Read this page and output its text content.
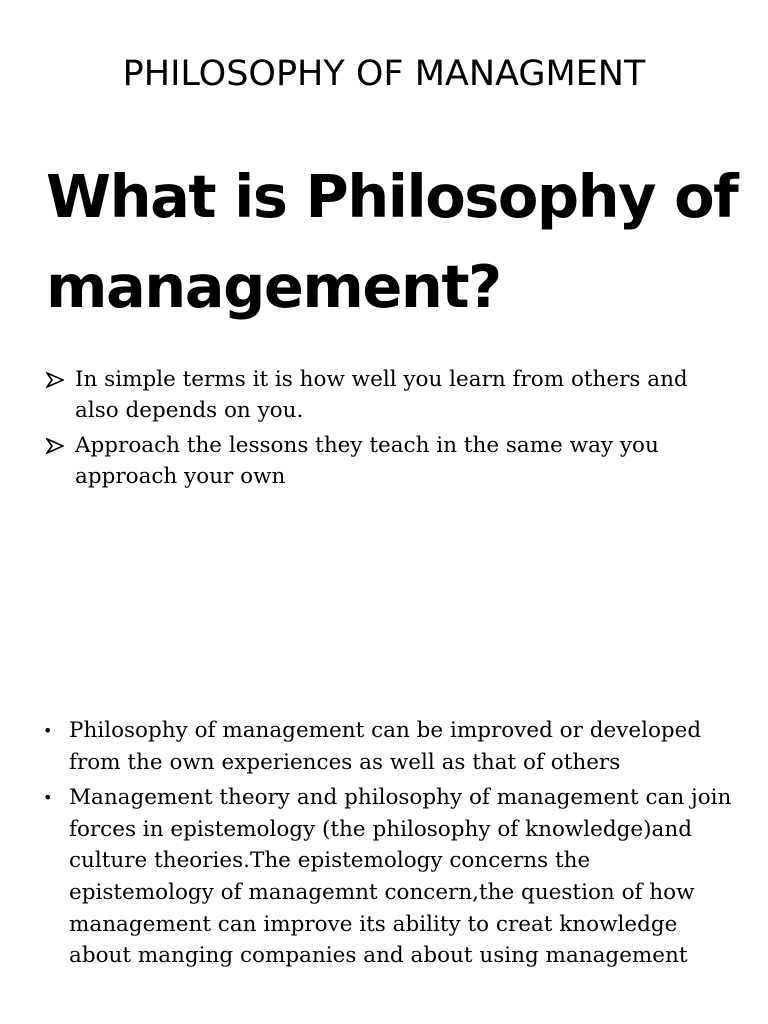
PHILOSOPHY OF MANAGMENT
What is Philosophy of management?
In simple terms it is how well you learn from others and also depends on you.
Approach the lessons they teach in the same way you approach your own
• Philosophy of management can be improved or developed from the own experiences as well as that of others
• Management theory and philosophy of management can join forces in epistemology (the philosophy of knowledge)and culture theories.The epistemology concerns the epistemology of managemnt concern,the question of how management can improve its ability to creat knowledge about manging companies and about using management
